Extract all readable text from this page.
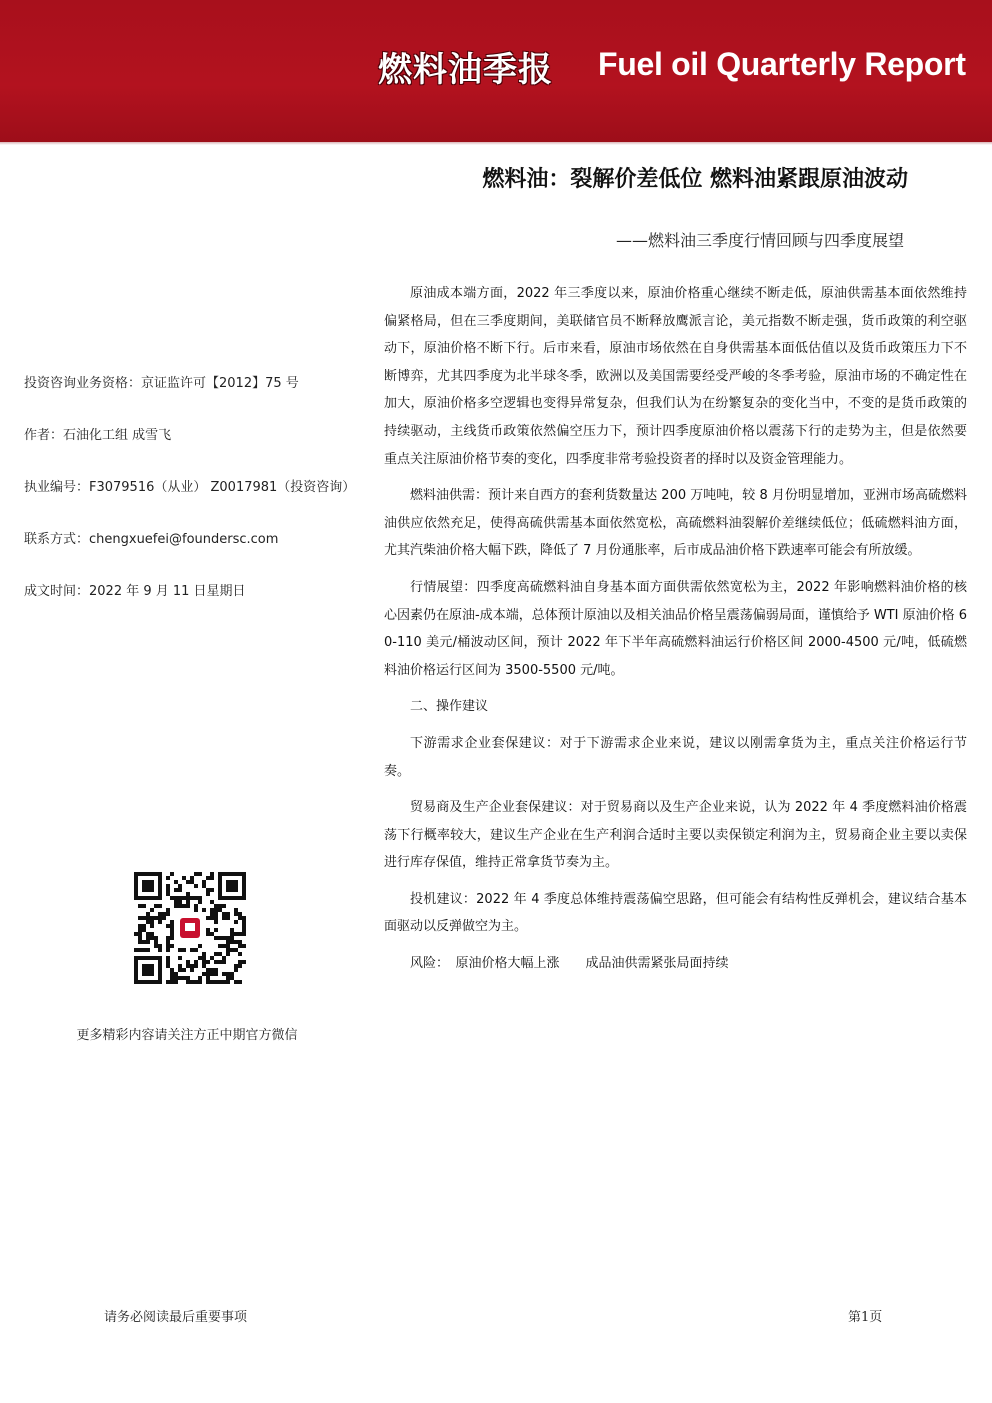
燃料油季报 Fuel oil Quarterly Report
燃料油：裂解价差低位 燃料油紧跟原油波动
——燃料油三季度行情回顾与四季度展望
投资咨询业务资格：京证监许可【2012】75 号
作者：石油化工组 成雪飞
执业编号：F3079516（从业） Z0017981（投资咨询）
联系方式：chengxuefei@foundersc.com
成文时间：2022 年 9 月 11 日星期日
更多精彩内容请关注方正中期官方微信

原油成本端方面，2022 年三季度以来，原油价格重心继续不断走低，原油供需基本面依然维持偏紧格局，但在三季度期间，美联储官员不断释放鹰派言论，美元指数不断走强，货币政策的利空驱动下，原油价格不断下行。后市来看，原油市场依然在自身供需基本面低估值以及货币政策压力下不断博弈，尤其四季度为北半球冬季，欧洲以及美国需要经受严峻的冬季考验，原油市场的不确定性在加大，原油价格多空逻辑也变得异常复杂，但我们认为在纷繁复杂的变化当中，不变的是货币政策的持续驱动，主线货币政策依然偏空压力下，预计四季度原油价格以震荡下行的走势为主，但是依然要重点关注原油价格节奏的变化，四季度非常考验投资者的择时以及资金管理能力。

燃料油供需：预计来自西方的套利货数量达 200 万吨吨，较 8 月份明显增加，亚洲市场高硫燃料油供应依然充足，使得高硫供需基本面依然宽松，高硫燃料油裂解价差继续低位；低硫燃料油方面，尤其汽柴油价格大幅下跌，降低了 7 月份通胀率，后市成品油价格下跌速率可能会有所放缓。

行情展望：四季度高硫燃料油自身基本面方面供需依然宽松为主，2022 年影响燃料油价格的核心因素仍在原油-成本端，总体预计原油以及相关油品价格呈震荡偏弱局面，谨慎给予 WTI 原油价格 60-110 美元/桶波动区间，预计 2022 年下半年高硫燃料油运行价格区间 2000-4500 元/吨，低硫燃料油价格运行区间为 3500-5500 元/吨。

二、操作建议

下游需求企业套保建议：对于下游需求企业来说，建议以刚需拿货为主，重点关注价格运行节奏。

贸易商及生产企业套保建议：对于贸易商以及生产企业来说，认为 2022 年 4 季度燃料油价格震荡下行概率较大，建议生产企业在生产利润合适时主要以卖保锁定利润为主，贸易商企业主要以卖保进行库存保值，维持正常拿货节奏为主。

投机建议：2022 年 4 季度总体维持震荡偏空思路，但可能会有结构性反弹机会，建议结合基本面驱动以反弹做空为主。

风险：　原油价格大幅上涨　　成品油供需紧张局面持续

请务必阅读最后重要事项	第1页
